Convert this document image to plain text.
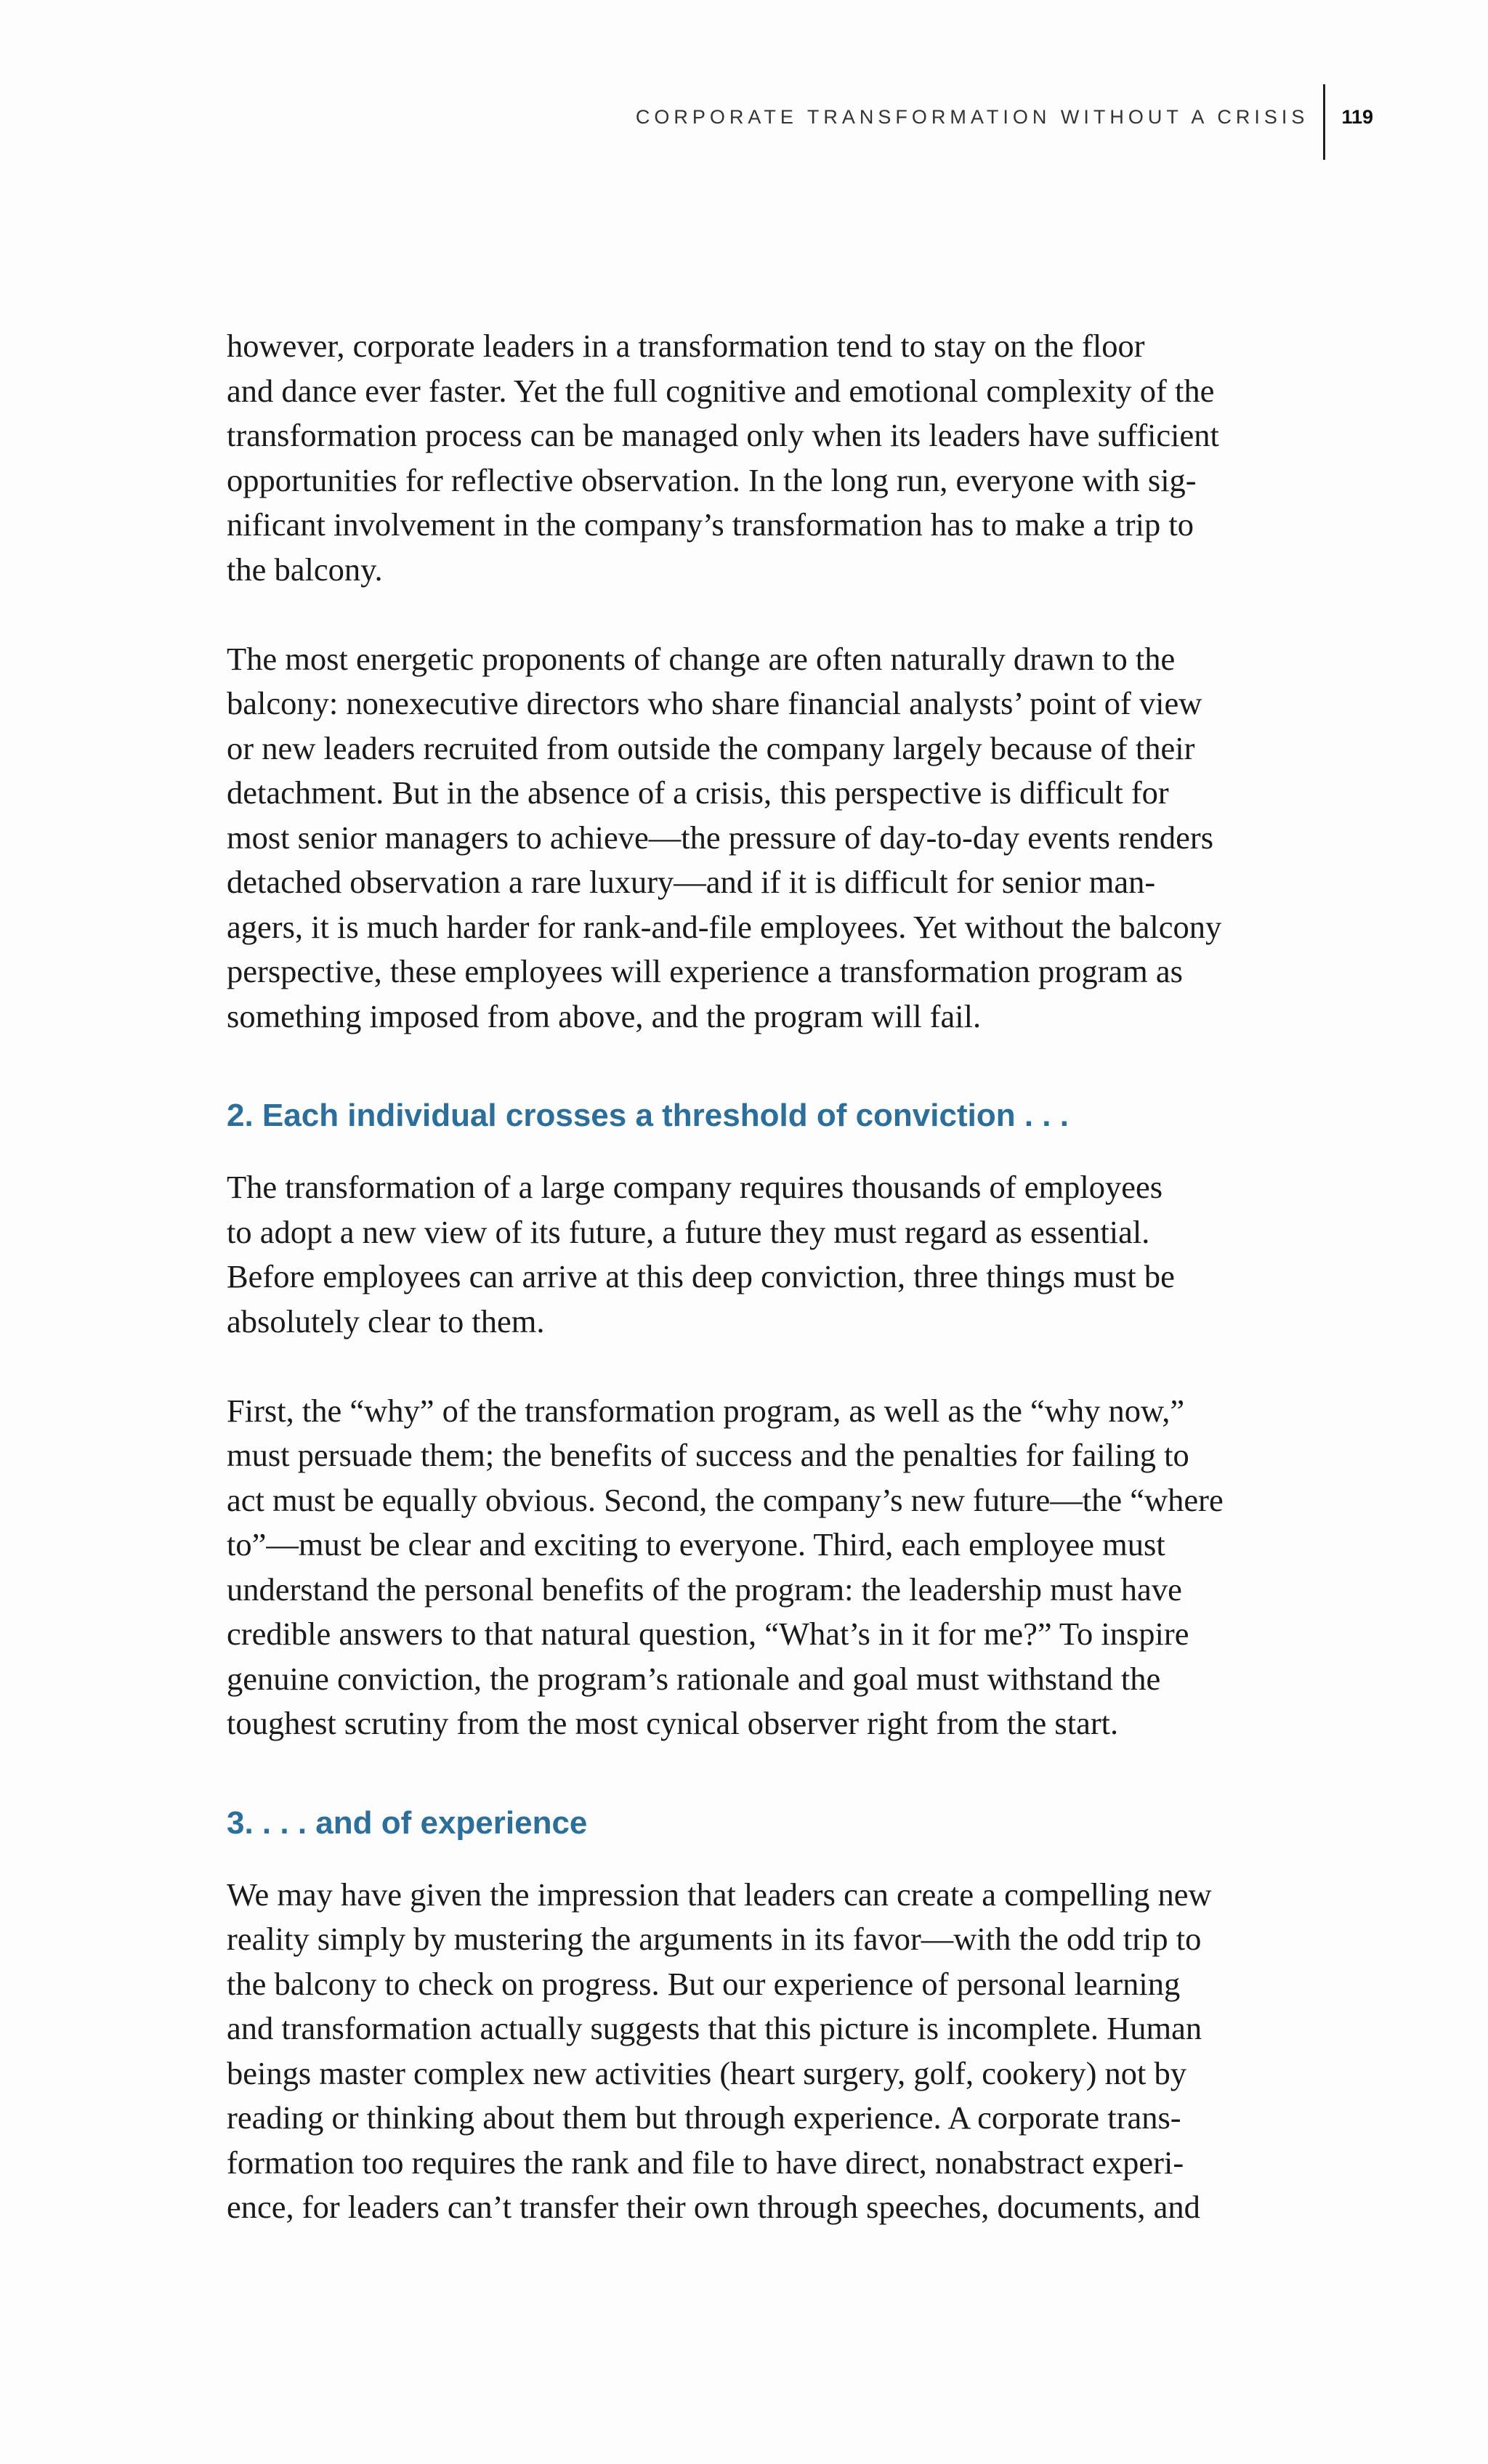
CORPORATE TRANSFORMATION WITHOUT A CRISIS	119

however, corporate leaders in a transformation tend to stay on the floor
and dance ever faster. Yet the full cognitive and emotional complexity of the
transformation process can be managed only when its leaders have sufficient
opportunities for reflective observation. In the long run, everyone with sig-
nificant involvement in the company’s transformation has to make a trip to
the balcony.

The most energetic proponents of change are often naturally drawn to the
balcony: nonexecutive directors who share financial analysts’ point of view
or new leaders recruited from outside the company largely because of their
detachment. But in the absence of a crisis, this perspective is difficult for
most senior managers to achieve—the pressure of day-to-day events renders
detached observation a rare luxury—and if it is difficult for senior man-
agers, it is much harder for rank-and-file employees. Yet without the balcony
perspective, these employees will experience a transformation program as
something imposed from above, and the program will fail.

2. Each individual crosses a threshold of conviction . . .

The transformation of a large company requires thousands of employees
to adopt a new view of its future, a future they must regard as essential.
Before employees can arrive at this deep conviction, three things must be
absolutely clear to them.

First, the “why” of the transformation program, as well as the “why now,”
must persuade them; the benefits of success and the penalties for failing to
act must be equally obvious. Second, the company’s new future—the “where
to”—must be clear and exciting to everyone. Third, each employee must
understand the personal benefits of the program: the leadership must have
credible answers to that natural question, “What’s in it for me?” To inspire
genuine conviction, the program’s rationale and goal must withstand the
toughest scrutiny from the most cynical observer right from the start.

3. . . . and of experience

We may have given the impression that leaders can create a compelling new
reality simply by mustering the arguments in its favor—with the odd trip to
the balcony to check on progress. But our experience of personal learning
and transformation actually suggests that this picture is incomplete. Human
beings master complex new activities (heart surgery, golf, cookery) not by
reading or thinking about them but through experience. A corporate trans-
formation too requires the rank and file to have direct, nonabstract experi-
ence, for leaders can’t transfer their own through speeches, documents, and
